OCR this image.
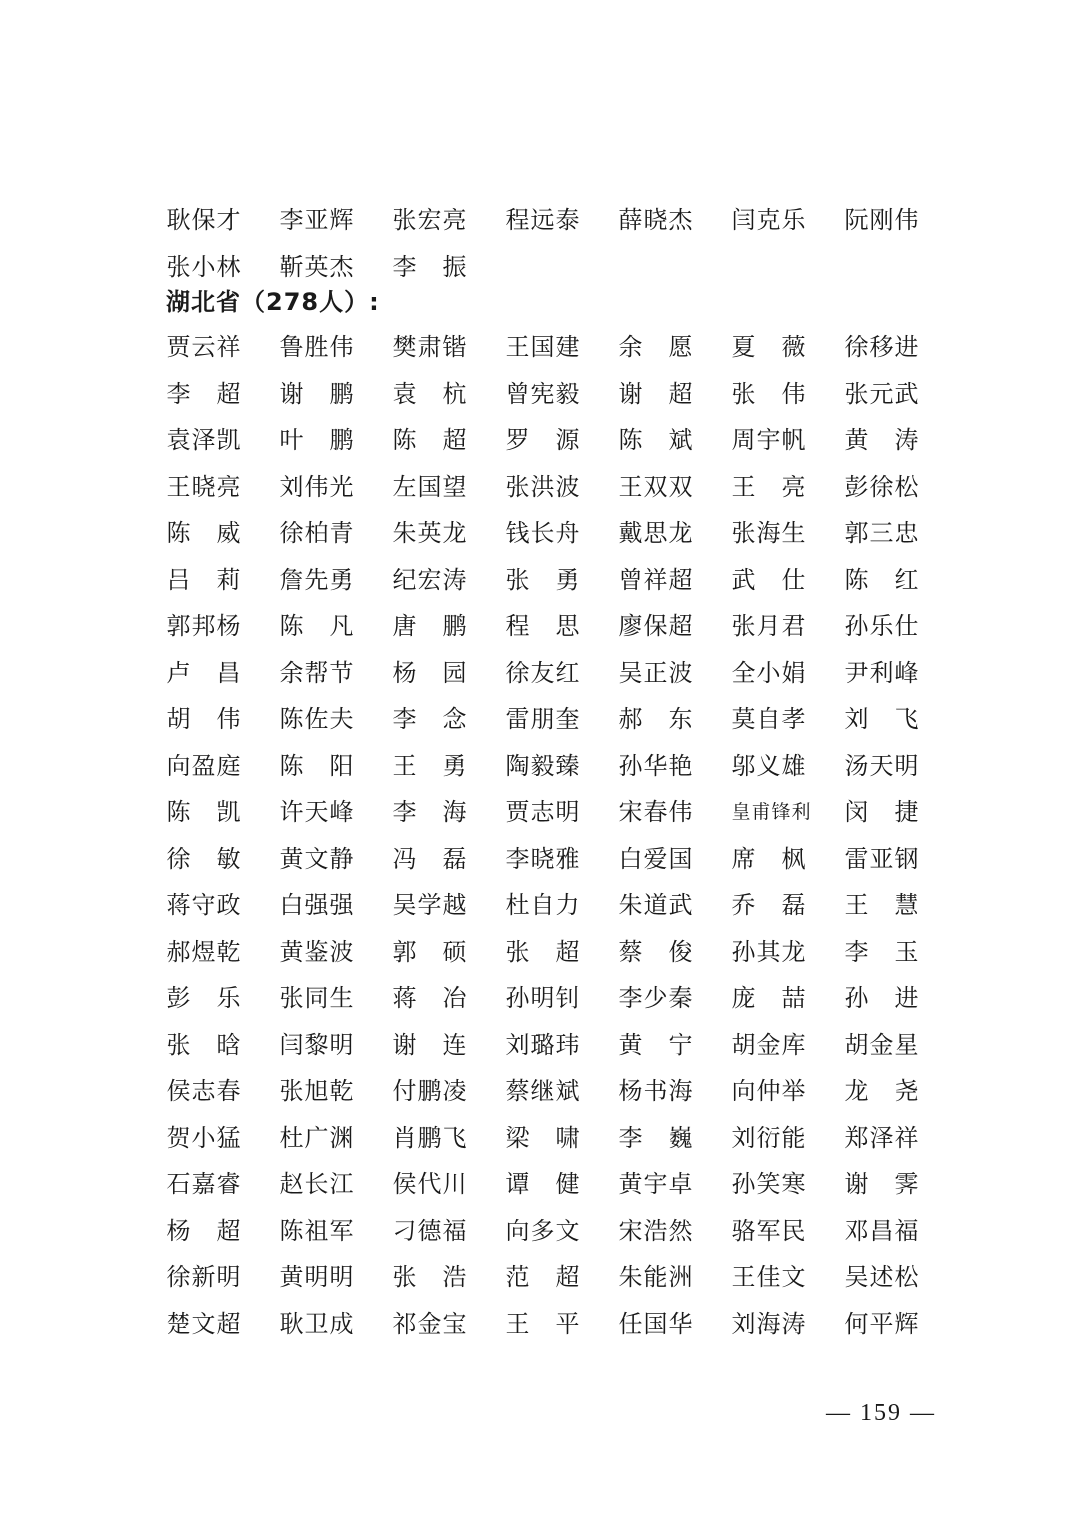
耿 保 才 李 亚 辉 张 宏 亮 程 远 泰 薛 晓 杰 闫 克 乐 阮 刚 伟
张 小 林 靳 英 杰 李 振
湖北省（278人）:
贾 云 祥 鲁 胜 伟 樊 肃 锴 王 国 建 余 愿 夏 薇 徐 移 进
李 超 谢 鹏 袁 杭 曾 宪 毅 谢 超 张 伟 张 元 武
袁 泽 凯 叶 鹏 陈 超 罗 源 陈 斌 周 宇 帆 黄 涛
王 晓 亮 刘 伟 光 左 国 望 张 洪 波 王 双 双 王 亮 彭 徐 松
陈 威 徐 柏 青 朱 英 龙 钱 长 舟 戴 思 龙 张 海 生 郭 三 忠
吕 莉 詹 先 勇 纪 宏 涛 张 勇 曾 祥 超 武 仕 陈 红
郭 邦 杨 陈 凡 唐 鹏 程 思 廖 保 超 张 月 君 孙 乐 仕
卢 昌 余 帮 节 杨 园 徐 友 红 吴 正 波 全 小 娟 尹 利 峰
胡 伟 陈 佐 夫 李 念 雷 朋 奎 郝 东 莫 自 孝 刘 飞
向 盈 庭 陈 阳 王 勇 陶 毅 臻 孙 华 艳 邬 义 雄 汤 天 明
陈 凯 许 天 峰 李 海 贾 志 明 宋 春 伟 皇 甫 锋 利 闵 捷
徐 敏 黄 文 静 冯 磊 李 晓 雅 白 爱 国 席 枫 雷 亚 钢
蒋 守 政 白 强 强 吴 学 越 杜 自 力 朱 道 武 乔 磊 王 慧
郝 煜 乾 黄 鉴 波 郭 硕 张 超 蔡 俊 孙 其 龙 李 玉
彭 乐 张 同 生 蒋 冶 孙 明 钊 李 少 秦 庞 喆 孙 进
张 晗 闫 黎 明 谢 连 刘 璐 玮 黄 宁 胡 金 库 胡 金 星
侯 志 春 张 旭 乾 付 鹏 凌 蔡 继 斌 杨 书 海 向 仲 举 龙 尧
贺 小 猛 杜 广 渊 肖 鹏 飞 梁 啸 李 巍 刘 衍 能 郑 泽 祥
石 嘉 睿 赵 长 江 侯 代 川 谭 健 黄 宇 卓 孙 笑 寒 谢 霁
杨 超 陈 祖 军 刁 德 福 向 多 文 宋 浩 然 骆 军 民 邓 昌 福
徐 新 明 黄 明 明 张 浩 范 超 朱 能 洲 王 佳 文 吴 述 松
楚 文 超 耿 卫 成 祁 金 宝 王 平 任 国 华 刘 海 涛 何 平 辉
— 159 —
